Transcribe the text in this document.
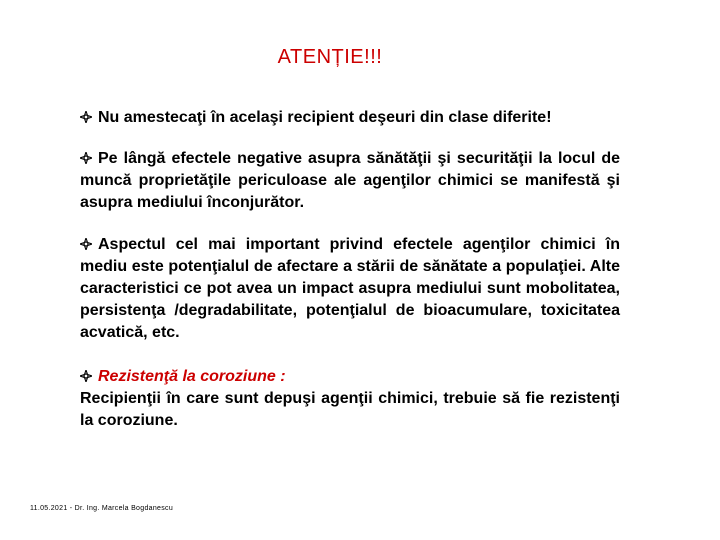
ATENȚIE!!!
Nu amestecaţi în acelaşi recipient deşeuri din clase diferite!
Pe lângă efectele negative asupra sănătăţii şi securităţii la locul de muncă proprietăţile periculoase ale agenţilor chimici se manifestă şi asupra mediului înconjurător.
Aspectul cel mai important privind efectele agenţilor chimici în mediu este potenţialul de afectare a stării de sănătate a populaţiei. Alte caracteristici ce pot avea un impact asupra mediului sunt mobolitatea, persistenţa /degradabilitate, potenţialul de bioacumulare, toxicitatea acvatică, etc.
Rezistenţă la coroziune :
Recipienţii în care sunt depuşi agenţii chimici, trebuie să fie rezistenţi la coroziune.
11.05.2021 - Dr. Ing. Marcela Bogdanescu
